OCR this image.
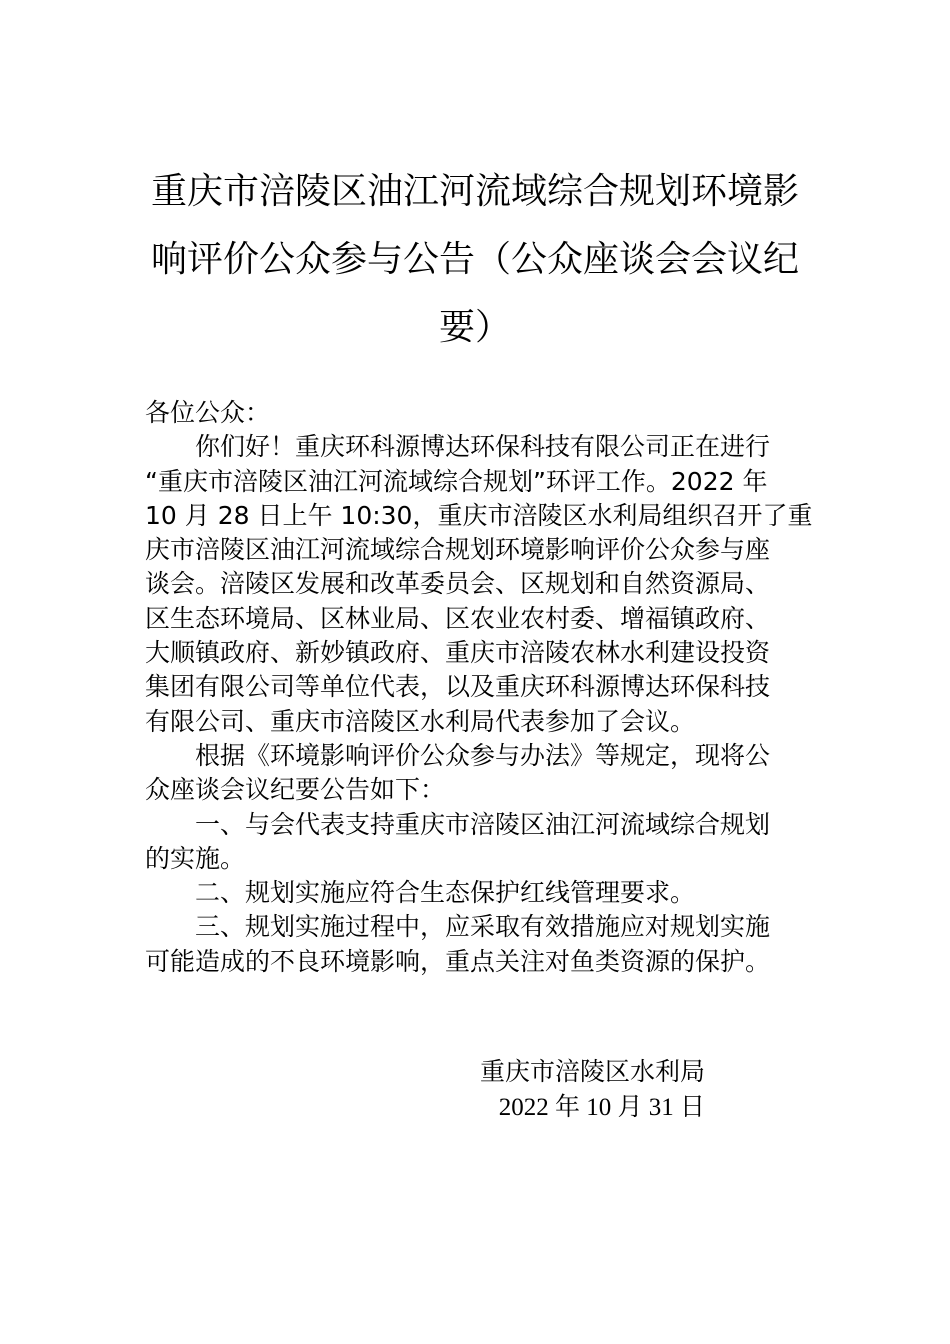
重庆市涪陵区油江河流域综合规划环境影
响评价公众参与公告（公众座谈会会议纪
要）

各位公众：

你们好！重庆环科源博达环保科技有限公司正在进行

“重庆市涪陵区油江河流域综合规划”环评工作。2022 年

10 月 28 日上午 10:30，重庆市涪陵区水利局组织召开了重

庆市涪陵区油江河流域综合规划环境影响评价公众参与座

谈会。涪陵区发展和改革委员会、区规划和自然资源局、

区生态环境局、区林业局、区农业农村委、增福镇政府、

大顺镇政府、新妙镇政府、重庆市涪陵农林水利建设投资

集团有限公司等单位代表，以及重庆环科源博达环保科技

有限公司、重庆市涪陵区水利局代表参加了会议。

根据《环境影响评价公众参与办法》等规定，现将公

众座谈会议纪要公告如下：

一、与会代表支持重庆市涪陵区油江河流域综合规划

的实施。

二、规划实施应符合生态保护红线管理要求。

三、规划实施过程中，应采取有效措施应对规划实施

可能造成的不良环境影响，重点关注对鱼类资源的保护。

重庆市涪陵区水利局

2022 年 10 月 31 日
